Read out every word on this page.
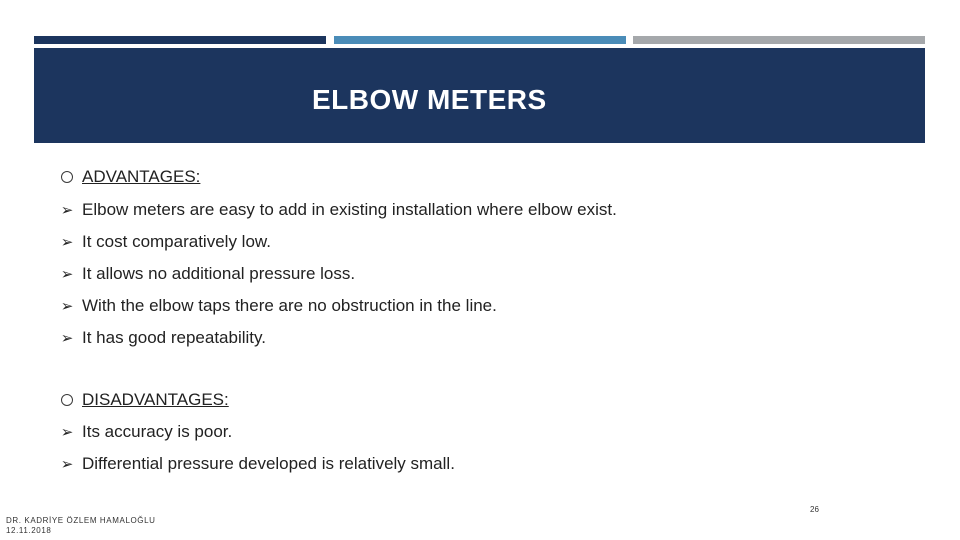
ELBOW METERS
ADVANTAGES:
➢ Elbow meters are easy to add in existing installation where elbow exist.
➢ It cost comparatively low.
➢ It allows no additional pressure loss.
➢ With the elbow taps there are no obstruction in the line.
➢ It has good repeatability.
DISADVANTAGES:
➢ Its accuracy is poor.
➢ Differential pressure developed is relatively small.
DR. KADRİYE ÖZLEM HAMALOĞLU
12.11.2018
26
